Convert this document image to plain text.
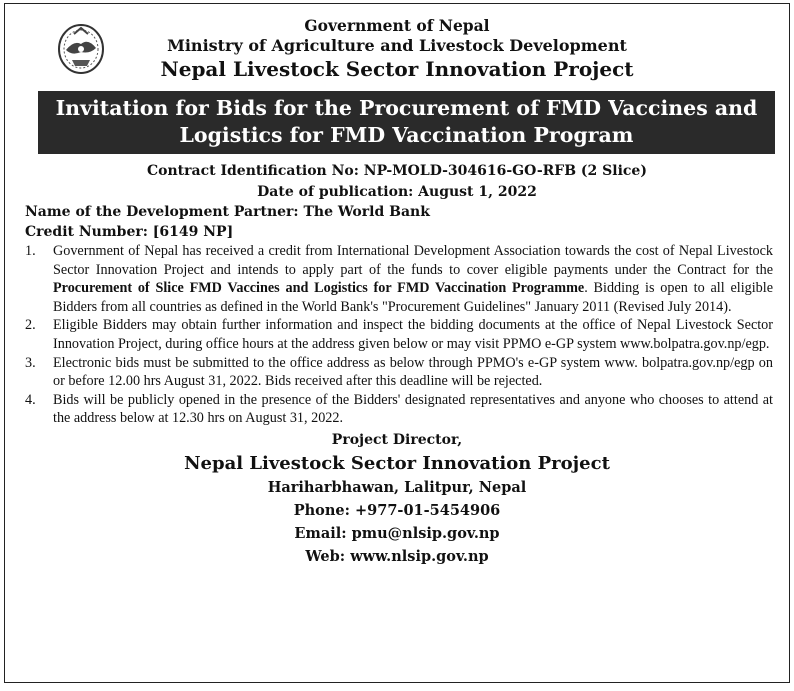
Government of Nepal
Ministry of Agriculture and Livestock Development
Nepal Livestock Sector Innovation Project
Invitation for Bids for the Procurement of FMD Vaccines and
Logistics for FMD Vaccination Program
Contract Identification No: NP-MOLD-304616-GO-RFB (2 Slice)
Date of publication: August 1, 2022
Name of the Development Partner: The World Bank
Credit Number: [6149 NP]
1. Government of Nepal has received a credit from International Development Association towards the cost of Nepal Livestock Sector Innovation Project and intends to apply part of the funds to cover eligible payments under the Contract for the Procurement of Slice FMD Vaccines and Logistics for FMD Vaccination Programme. Bidding is open to all eligible Bidders from all countries as defined in the World Bank's "Procurement Guidelines" January 2011 (Revised July 2014).
2. Eligible Bidders may obtain further information and inspect the bidding documents at the office of Nepal Livestock Sector Innovation Project, during office hours at the address given below or may visit PPMO e-GP system www.bolpatra.gov.np/egp.
3. Electronic bids must be submitted to the office address as below through PPMO's e-GP system www. bolpatra.gov.np/egp on or before 12.00 hrs August 31, 2022. Bids received after this deadline will be rejected.
4. Bids will be publicly opened in the presence of the Bidders' designated representatives and anyone who chooses to attend at the address below at 12.30 hrs on August 31, 2022.
Project Director,
Nepal Livestock Sector Innovation Project
Hariharbhawan, Lalitpur, Nepal
Phone: +977-01-5454906
Email: pmu@nlsip.gov.np
Web: www.nlsip.gov.np
